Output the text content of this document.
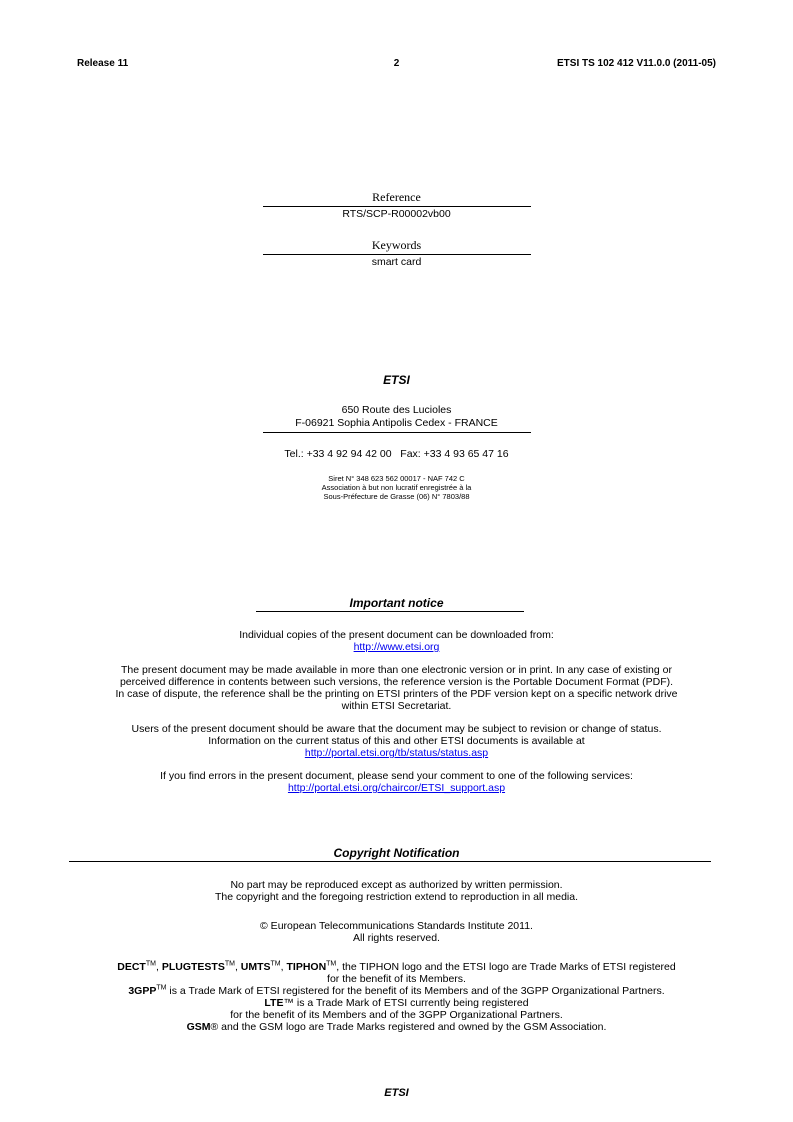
Release 11	2	ETSI TS 102 412 V11.0.0 (2011-05)
Reference
RTS/SCP-R00002vb00
Keywords
smart card
ETSI
650 Route des Lucioles
F-06921 Sophia Antipolis Cedex - FRANCE
Tel.: +33 4 92 94 42 00   Fax: +33 4 93 65 47 16
Siret N° 348 623 562 00017 - NAF 742 C
Association à but non lucratif enregistrée à la
Sous-Préfecture de Grasse (06) N° 7803/88
Important notice
Individual copies of the present document can be downloaded from:
http://www.etsi.org
The present document may be made available in more than one electronic version or in print. In any case of existing or
perceived difference in contents between such versions, the reference version is the Portable Document Format (PDF).
In case of dispute, the reference shall be the printing on ETSI printers of the PDF version kept on a specific network drive
within ETSI Secretariat.
Users of the present document should be aware that the document may be subject to revision or change of status.
Information on the current status of this and other ETSI documents is available at
http://portal.etsi.org/tb/status/status.asp
If you find errors in the present document, please send your comment to one of the following services:
http://portal.etsi.org/chaircor/ETSI_support.asp
Copyright Notification
No part may be reproduced except as authorized by written permission.
The copyright and the foregoing restriction extend to reproduction in all media.
© European Telecommunications Standards Institute 2011.
All rights reserved.
DECT™, PLUGTESTS™, UMTS™, TIPHON™, the TIPHON logo and the ETSI logo are Trade Marks of ETSI registered
for the benefit of its Members.
3GPP™ is a Trade Mark of ETSI registered for the benefit of its Members and of the 3GPP Organizational Partners.
LTE™ is a Trade Mark of ETSI currently being registered
for the benefit of its Members and of the 3GPP Organizational Partners.
GSM® and the GSM logo are Trade Marks registered and owned by the GSM Association.
ETSI
